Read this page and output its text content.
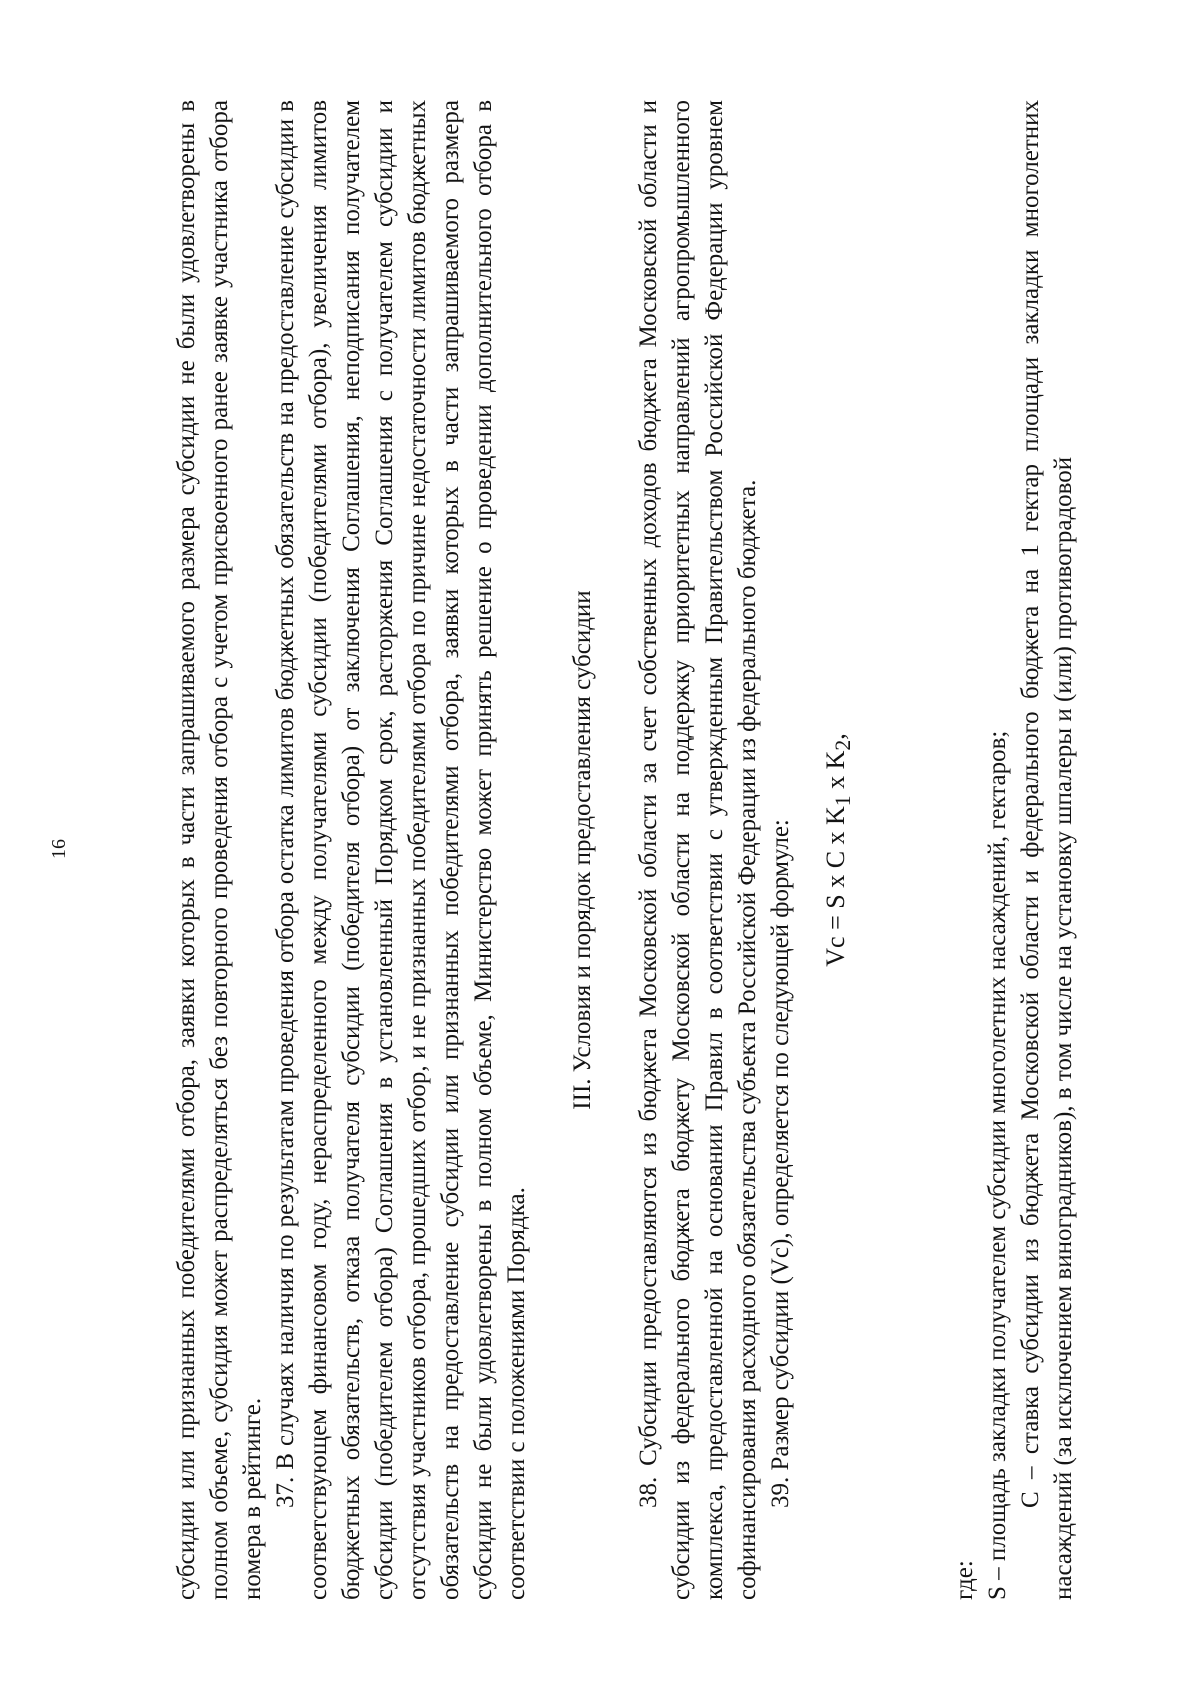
16	субсидии или признанных победителями отбора, заявки которых в части запрашиваемого размера субсидии не были удовлетворены в полном объеме, субсидия может распределяться без повторного проведения отбора с учетом присвоенного ранее заявке участника отбора номера в рейтинге. 37. В случаях наличия по результатам проведения отбора остатка лимитов бюджетных обязательств на предоставление субсидии в соответствующем финансовом году, нераспределенного между получателями субсидии (победителями отбора), увеличения лимитов бюджетных обязательств, отказа получателя субсидии (победителя отбора) от заключения Соглашения, неподписания получателем субсидии (победителем отбора) Соглашения в установленный Порядком срок, расторжения Соглашения с получателем субсидии и отсутствия участников отбора, прошедших отбор, и не признанных победителями отбора по причине недостаточности лимитов бюджетных обязательств на предоставление субсидии или признанных победителями отбора, заявки которых в части запрашиваемого размера субсидии не были удовлетворены в полном объеме, Министерство может принять решение о проведении дополнительного отбора в соответствии с положениями Порядка.

III. Условия и порядок предоставления субсидии 38. Субсидии предоставляются из бюджета Московской области за счет собственных доходов бюджета Московской области и субсидии из федерального бюджета бюджету Московской области на поддержку приоритетных направлений агропромышленного комплекса, предоставленной на основании Правил в соответствии с утвержденным Правительством Российской Федерации уровнем софинансирования расходного обязательства субъекта Российской Федерации из федерального бюджета. 39. Размер субсидии (Vс), определяется по следующей формуле: Vс = S x C x $K_1$ x $K_2$,

где: S – площадь закладки получателем субсидии многолетних насаждений, гектаров; C – ставка субсидии из бюджета Московской области и федерального бюджета на 1 гектар площади закладки многолетних насаждений (за исключением виноградников), в том числе на установку шпалеры и (или) противоградовой
